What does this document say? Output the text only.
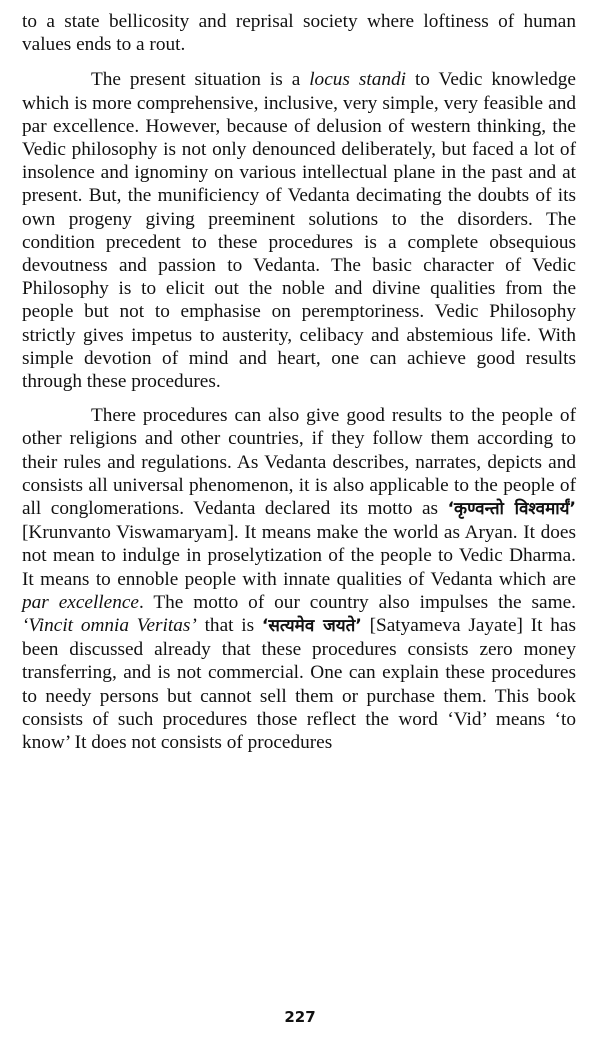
to a state bellicosity and reprisal society where loftiness of human values ends to a rout.

The present situation is a locus standi to Vedic knowledge which is more comprehensive, inclusive, very simple, very feasible and par excellence. However, because of delusion of western thinking, the Vedic philosophy is not only denounced deliberately, but faced a lot of insolence and ignominy on various intellectual plane in the past and at present. But, the munificiency of Vedanta decimating the doubts of its own progeny giving preeminent solutions to the disorders. The condition precedent to these procedures is a complete obsequious devoutness and passion to Vedanta. The basic character of Vedic Philosophy is to elicit out the noble and divine qualities from the people but not to emphasise on peremptoriness. Vedic Philosophy strictly gives impetus to austerity, celibacy and abstemious life. With simple devotion of mind and heart, one can achieve good results through these procedures.

There procedures can also give good results to the people of other religions and other countries, if they follow them according to their rules and regulations. As Vedanta describes, narrates, depicts and consists all universal phenomenon, it is also applicable to the people of all conglomerations. Vedanta declared its motto as ‘कृण्वन्तो विश्वमार्यं’ [Krunvanto Viswamaryam]. It means make the world as Aryan. It does not mean to indulge in proselytization of the people to Vedic Dharma. It means to ennoble people with innate qualities of Vedanta which are par excellence. The motto of our country also impulses the same. ‘Vincit omnia Veritas’ that is ‘सत्यमेव जयते’ [Satyameva Jayate] It has been discussed already that these procedures consists zero money transferring, and is not commercial. One can explain these procedures to needy persons but cannot sell them or purchase them. This book consists of such procedures those reflect the word ‘Vid’ means ‘to know’ It does not consists of procedures

227
